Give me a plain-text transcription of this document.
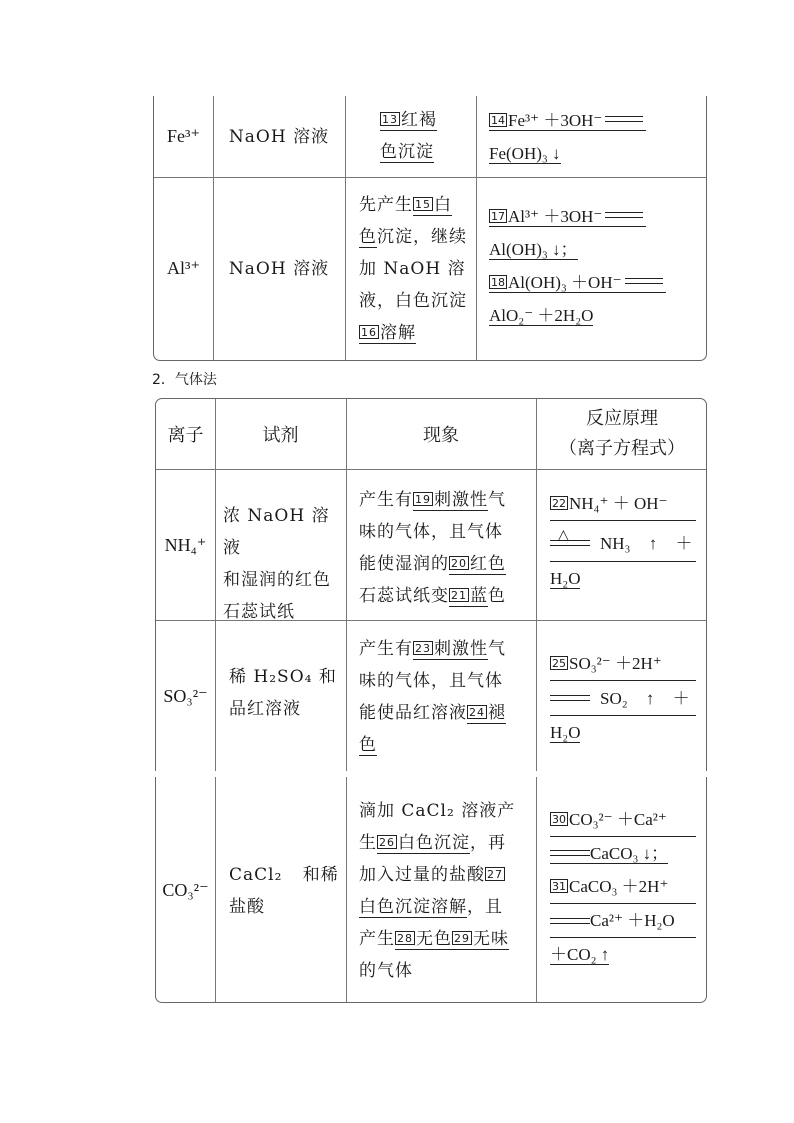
Fe³⁺ NaOH 溶液
13 红褐
色沉淀
14 Fe³⁺ ＋3OH⁻
Fe(OH)₃ ↓
Al³⁺ NaOH 溶液
先产生 15 白
色沉淀，继续
加 NaOH 溶
液，白色沉淀
16 溶解
17 Al³⁺ ＋3OH⁻
Al(OH)₃ ↓；
18 Al(OH)₃ ＋OH⁻
AlO₂⁻ ＋2H₂O
2．气体法
离子	试剂	现象
反应原理
（离子方程式）
NH₄⁺
浓 NaOH 溶液
和湿润的红色
石蕊试纸
产生有 19 刺激性气
味的气体，且气体
能使湿润的 20 红色
石蕊试纸变 21 蓝色
22 NH₄⁺ ＋ OH⁻
△ NH₃ ↑ ＋
H₂O
SO₃²⁻
稀 H₂SO₄ 和
品红溶液
产生有 23 刺激性气
味的气体，且气体
能使品红溶液 24 褪
色
25 SO₃²⁻ ＋2H⁺
SO₂ ↑ ＋
H₂O
CO₃²⁻
CaCl₂ 和稀
盐酸
滴加 CaCl₂ 溶液产
生 26 白色沉淀，再
加入过量的盐酸 27
白色沉淀溶解，且
产生 28 无色 29 无味
的气体
30 CO₃²⁻ ＋Ca²⁺
CaCO₃ ↓；
31 CaCO₃ ＋2H⁺
Ca²⁺ ＋H₂O
＋CO₂ ↑
